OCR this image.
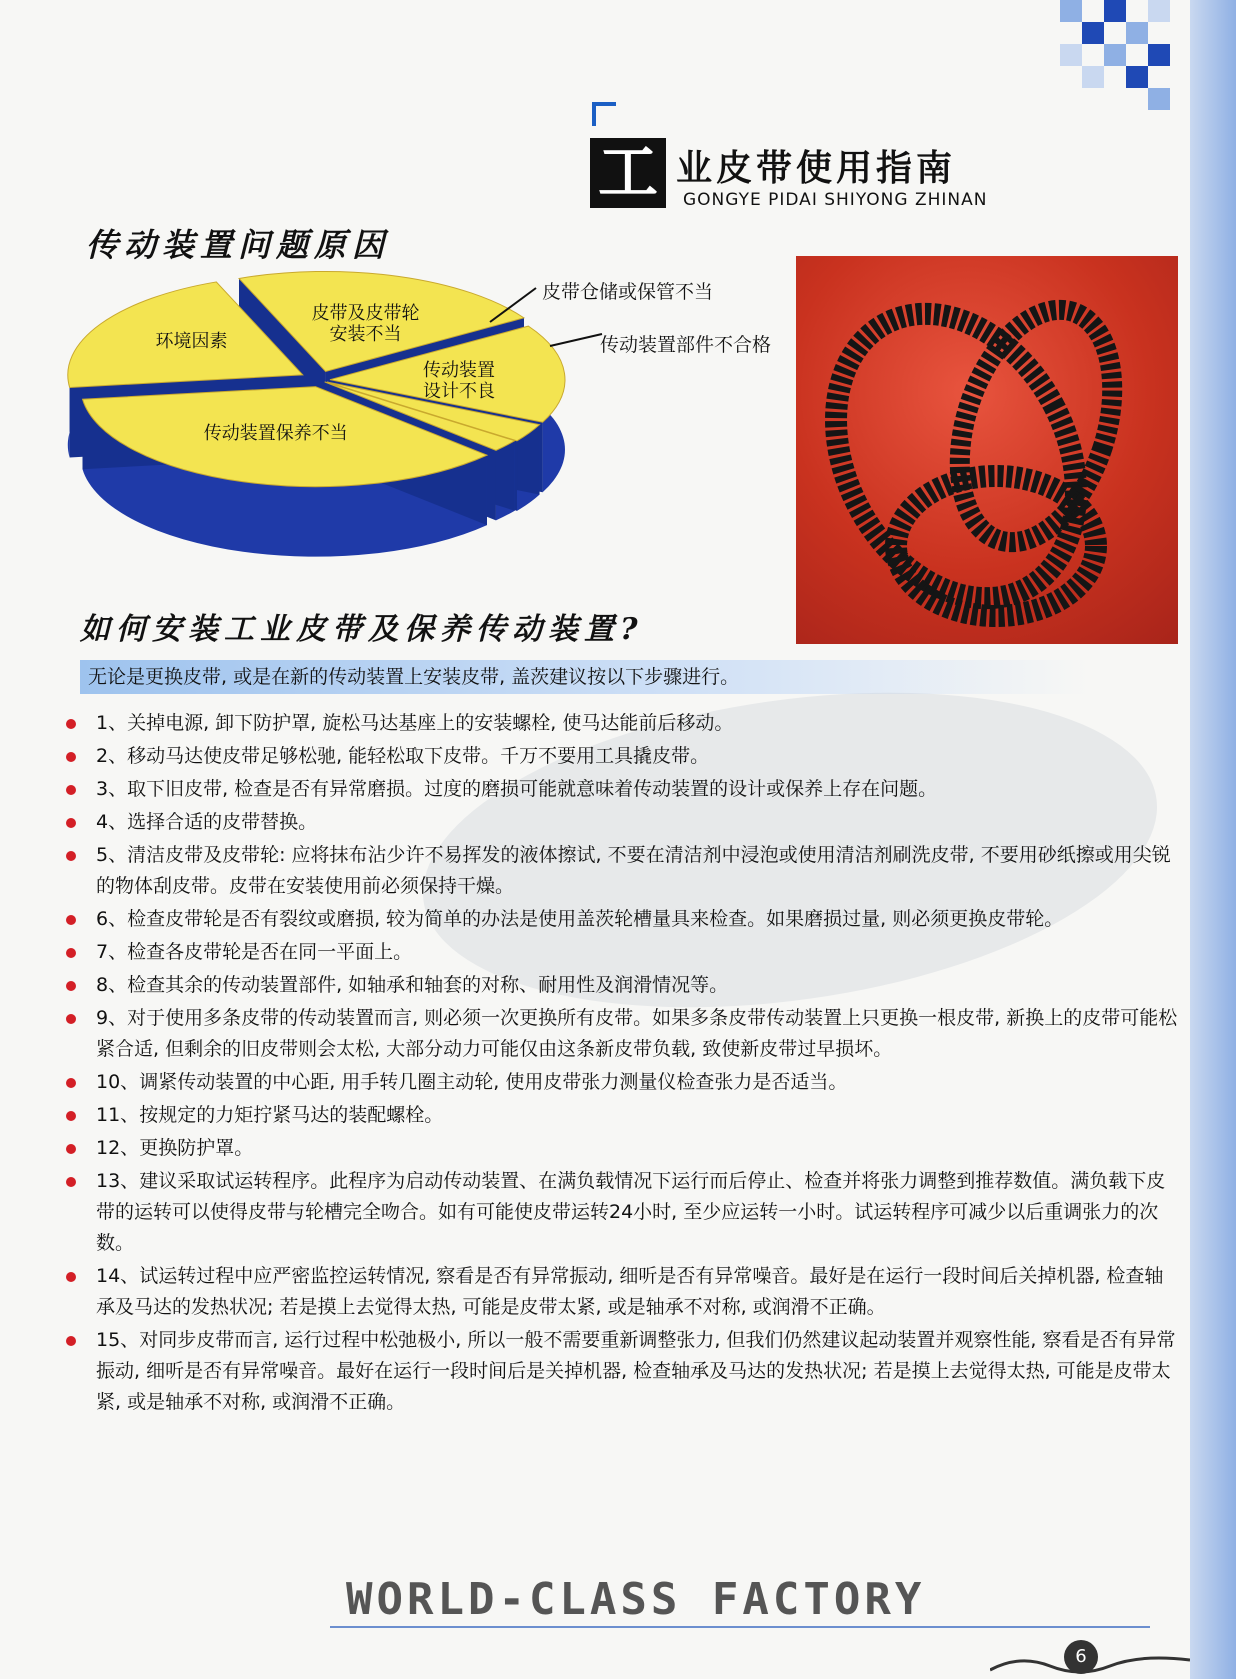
工 业皮带使用指南
GONGYE PIDAI SHIYONG ZHINAN
传动装置问题原因
皮带及皮带轮
安装不当
传动装置
设计不良
传动装置保养不当
环境因素
皮带仓储或保管不当
传动装置部件不合格
如何安装工业皮带及保养传动装置?
无论是更换皮带, 或是在新的传动装置上安装皮带, 盖茨建议按以下步骤进行。
1、关掉电源, 卸下防护罩, 旋松马达基座上的安装螺栓, 使马达能前后移动。
2、移动马达使皮带足够松驰, 能轻松取下皮带。千万不要用工具撬皮带。
3、取下旧皮带, 检查是否有异常磨损。过度的磨损可能就意味着传动装置的设计或保养上存在问题。
4、选择合适的皮带替换。
5、清洁皮带及皮带轮: 应将抹布沾少许不易挥发的液体擦试, 不要在清洁剂中浸泡或使用清洁剂刷洗皮带, 不要用砂纸擦或用尖锐的物体刮皮带。皮带在安装使用前必须保持干燥。
6、检查皮带轮是否有裂纹或磨损, 较为简单的办法是使用盖茨轮槽量具来检查。如果磨损过量, 则必须更换皮带轮。
7、检查各皮带轮是否在同一平面上。
8、检查其余的传动装置部件, 如轴承和轴套的对称、耐用性及润滑情况等。
9、对于使用多条皮带的传动装置而言, 则必须一次更换所有皮带。如果多条皮带传动装置上只更换一根皮带, 新换上的皮带可能松紧合适, 但剩余的旧皮带则会太松, 大部分动力可能仅由这条新皮带负载, 致使新皮带过早损坏。
10、调紧传动装置的中心距, 用手转几圈主动轮, 使用皮带张力测量仪检查张力是否适当。
11、按规定的力矩拧紧马达的装配螺栓。
12、更换防护罩。
13、建议采取试运转程序。此程序为启动传动装置、在满负载情况下运行而后停止、检查并将张力调整到推荐数值。满负载下皮带的运转可以使得皮带与轮槽完全吻合。如有可能使皮带运转24小时, 至少应运转一小时。试运转程序可减少以后重调张力的次数。
14、试运转过程中应严密监控运转情况, 察看是否有异常振动, 细听是否有异常噪音。最好是在运行一段时间后关掉机器, 检查轴承及马达的发热状况; 若是摸上去觉得太热, 可能是皮带太紧, 或是轴承不对称, 或润滑不正确。
15、对同步皮带而言, 运行过程中松弛极小, 所以一般不需要重新调整张力, 但我们仍然建议起动装置并观察性能, 察看是否有异常振动, 细听是否有异常噪音。最好在运行一段时间后是关掉机器, 检查轴承及马达的发热状况; 若是摸上去觉得太热, 可能是皮带太紧, 或是轴承不对称, 或润滑不正确。
WORLD-CLASS FACTORY
6
